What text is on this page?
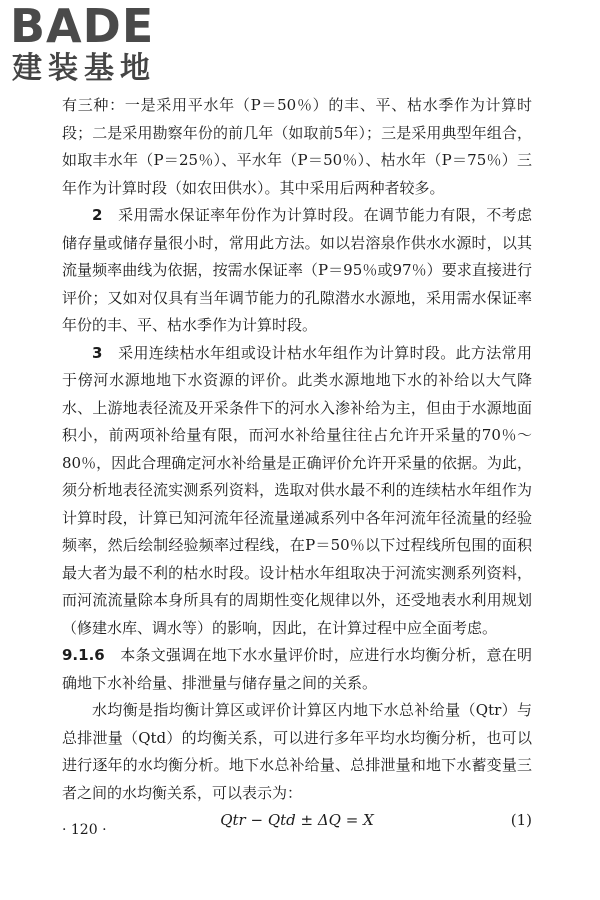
BADE
建装基地

有三种：一是采用平水年（P＝50％）的丰、平、枯水季作为计算时段；二是采用勘察年份的前几年（如取前5年）；三是采用典型年组合，如取丰水年（P＝25％）、平水年（P＝50％）、枯水年（P＝75％）三年作为计算时段（如农田供水）。其中采用后两种者较多。

2　 采用需水保证率年份作为计算时段。在调节能力有限，不考虑储存量或储存量很小时，常用此方法。如以岩溶泉作供水水源时，以其流量频率曲线为依据，按需水保证率（P＝95％或97％）要求直接进行评价；又如对仅具有当年调节能力的孔隙潜水水源地，采用需水保证率年份的丰、平、枯水季作为计算时段。

3　 采用连续枯水年组或设计枯水年组作为计算时段。此方法常用于傍河水源地地下水资源的评价。此类水源地地下水的补给以大气降水、上游地表径流及开采条件下的河水入渗补给为主，但由于水源地面积小，前两项补给量有限，而河水补给量往往占允许开采量的70％～80％，因此合理确定河水补给量是正确评价允许开采量的依据。为此，须分析地表径流实测系列资料，选取对供水最不利的连续枯水年组作为计算时段，计算已知河流年径流量递减系列中各年河流年径流量的经验频率，然后绘制经验频率过程线，在P＝50％以下过程线所包围的面积最大者为最不利的枯水时段。设计枯水年组取决于河流实测系列资料，而河流流量除本身所具有的周期性变化规律以外，还受地表水利用规划（修建水库、调水等）的影响，因此，在计算过程中应全面考虑。

9.1.6　 本条文强调在地下水水量评价时，应进行水均衡分析，意在明确地下水补给量、排泄量与储存量之间的关系。

水均衡是指均衡计算区或评价计算区内地下水总补给量（Qtr）与总排泄量（Qtd）的均衡关系，可以进行多年平均水均衡分析，也可以进行逐年的水均衡分析。地下水总补给量、总排泄量和地下水蓄变量三者之间的水均衡关系，可以表示为：

Qtr − Qtd ± ΔQ = X	(1)
· 120 ·
